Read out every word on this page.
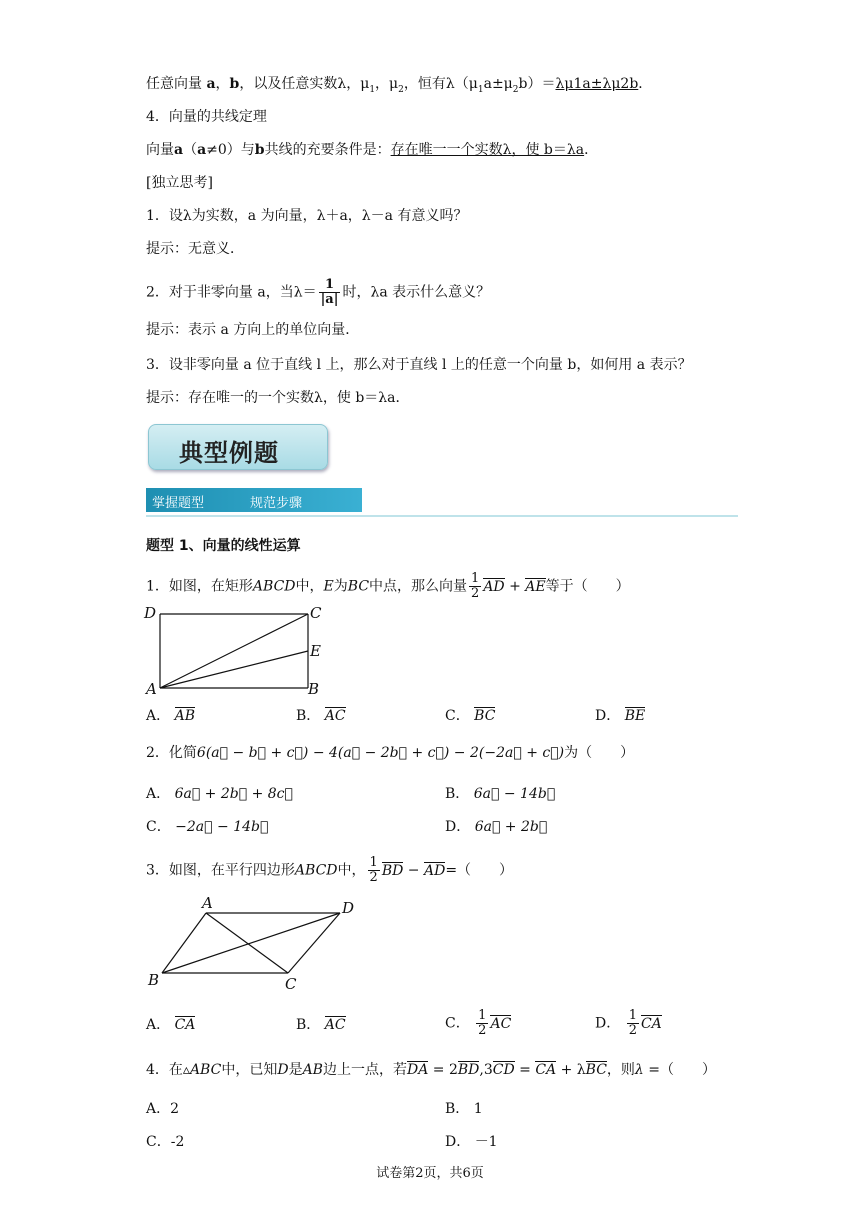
任意向量 a，b，以及任意实数λ，$\mu_1$，$\mu_2$，恒有$\lambda(\mu_1a\pm\mu_2b)=\lambda\mu 1a\pm\lambda\mu 2b$．
4．向量的共线定理
向量a（a≠0）与b共线的充要条件是：存在唯一一个实数λ，使 b＝λa．
[独立思考]
1．设λ为实数，a 为向量，λ＋a，λ－a 有意义吗？
提示：无意义．
2．对于非零向量 a，当$\lambda= \frac{1}{|a|}$ 时，λa 表示什么意义？
提示：表示 a 方向上的单位向量．
3．设非零向量 a 位于直线 l 上，那么对于直线 l 上的任意一个向量 b，如何用 a 表示？
提示：存在唯一的一个实数λ，使 b＝λa．
典型例题
掌握题型	规范步骤
题型 1、向量的线性运算
1．如图，在矩形ABCD中，E为BC中点，那么向量 $\frac{1}{2}$ AD + AE等于（　　）
D	C
E
A	B
A． AB	B． AC	C． BC	D． BE
2．化简6(a⃗ − b⃗ + c⃗) − 4(a⃗ − 2b⃗ + c⃗) − 2(−2a⃗ + c⃗)为（　　）
A． 6a⃗ + 2b⃗ + 8c⃗	B． 6a⃗ − 14b⃗
C． −2a⃗ − 14b⃗	D． 6a⃗ + 2b⃗
3．如图，在平行四边形ABCD中， $\frac{1}{2}$ BD − AD=（　　）
A	D
B	C
A． CA	B． AC	C． $\frac{1}{2}$ AC	D． $\frac{1}{2}$ CA
4．在▵ABC中，已知D是AB边上一点，若DA = 2BD,3CD = CA + λBC，则λ =（　　）
A．2	B． 1
C．-2	D． －1
试卷第2页，共6页
